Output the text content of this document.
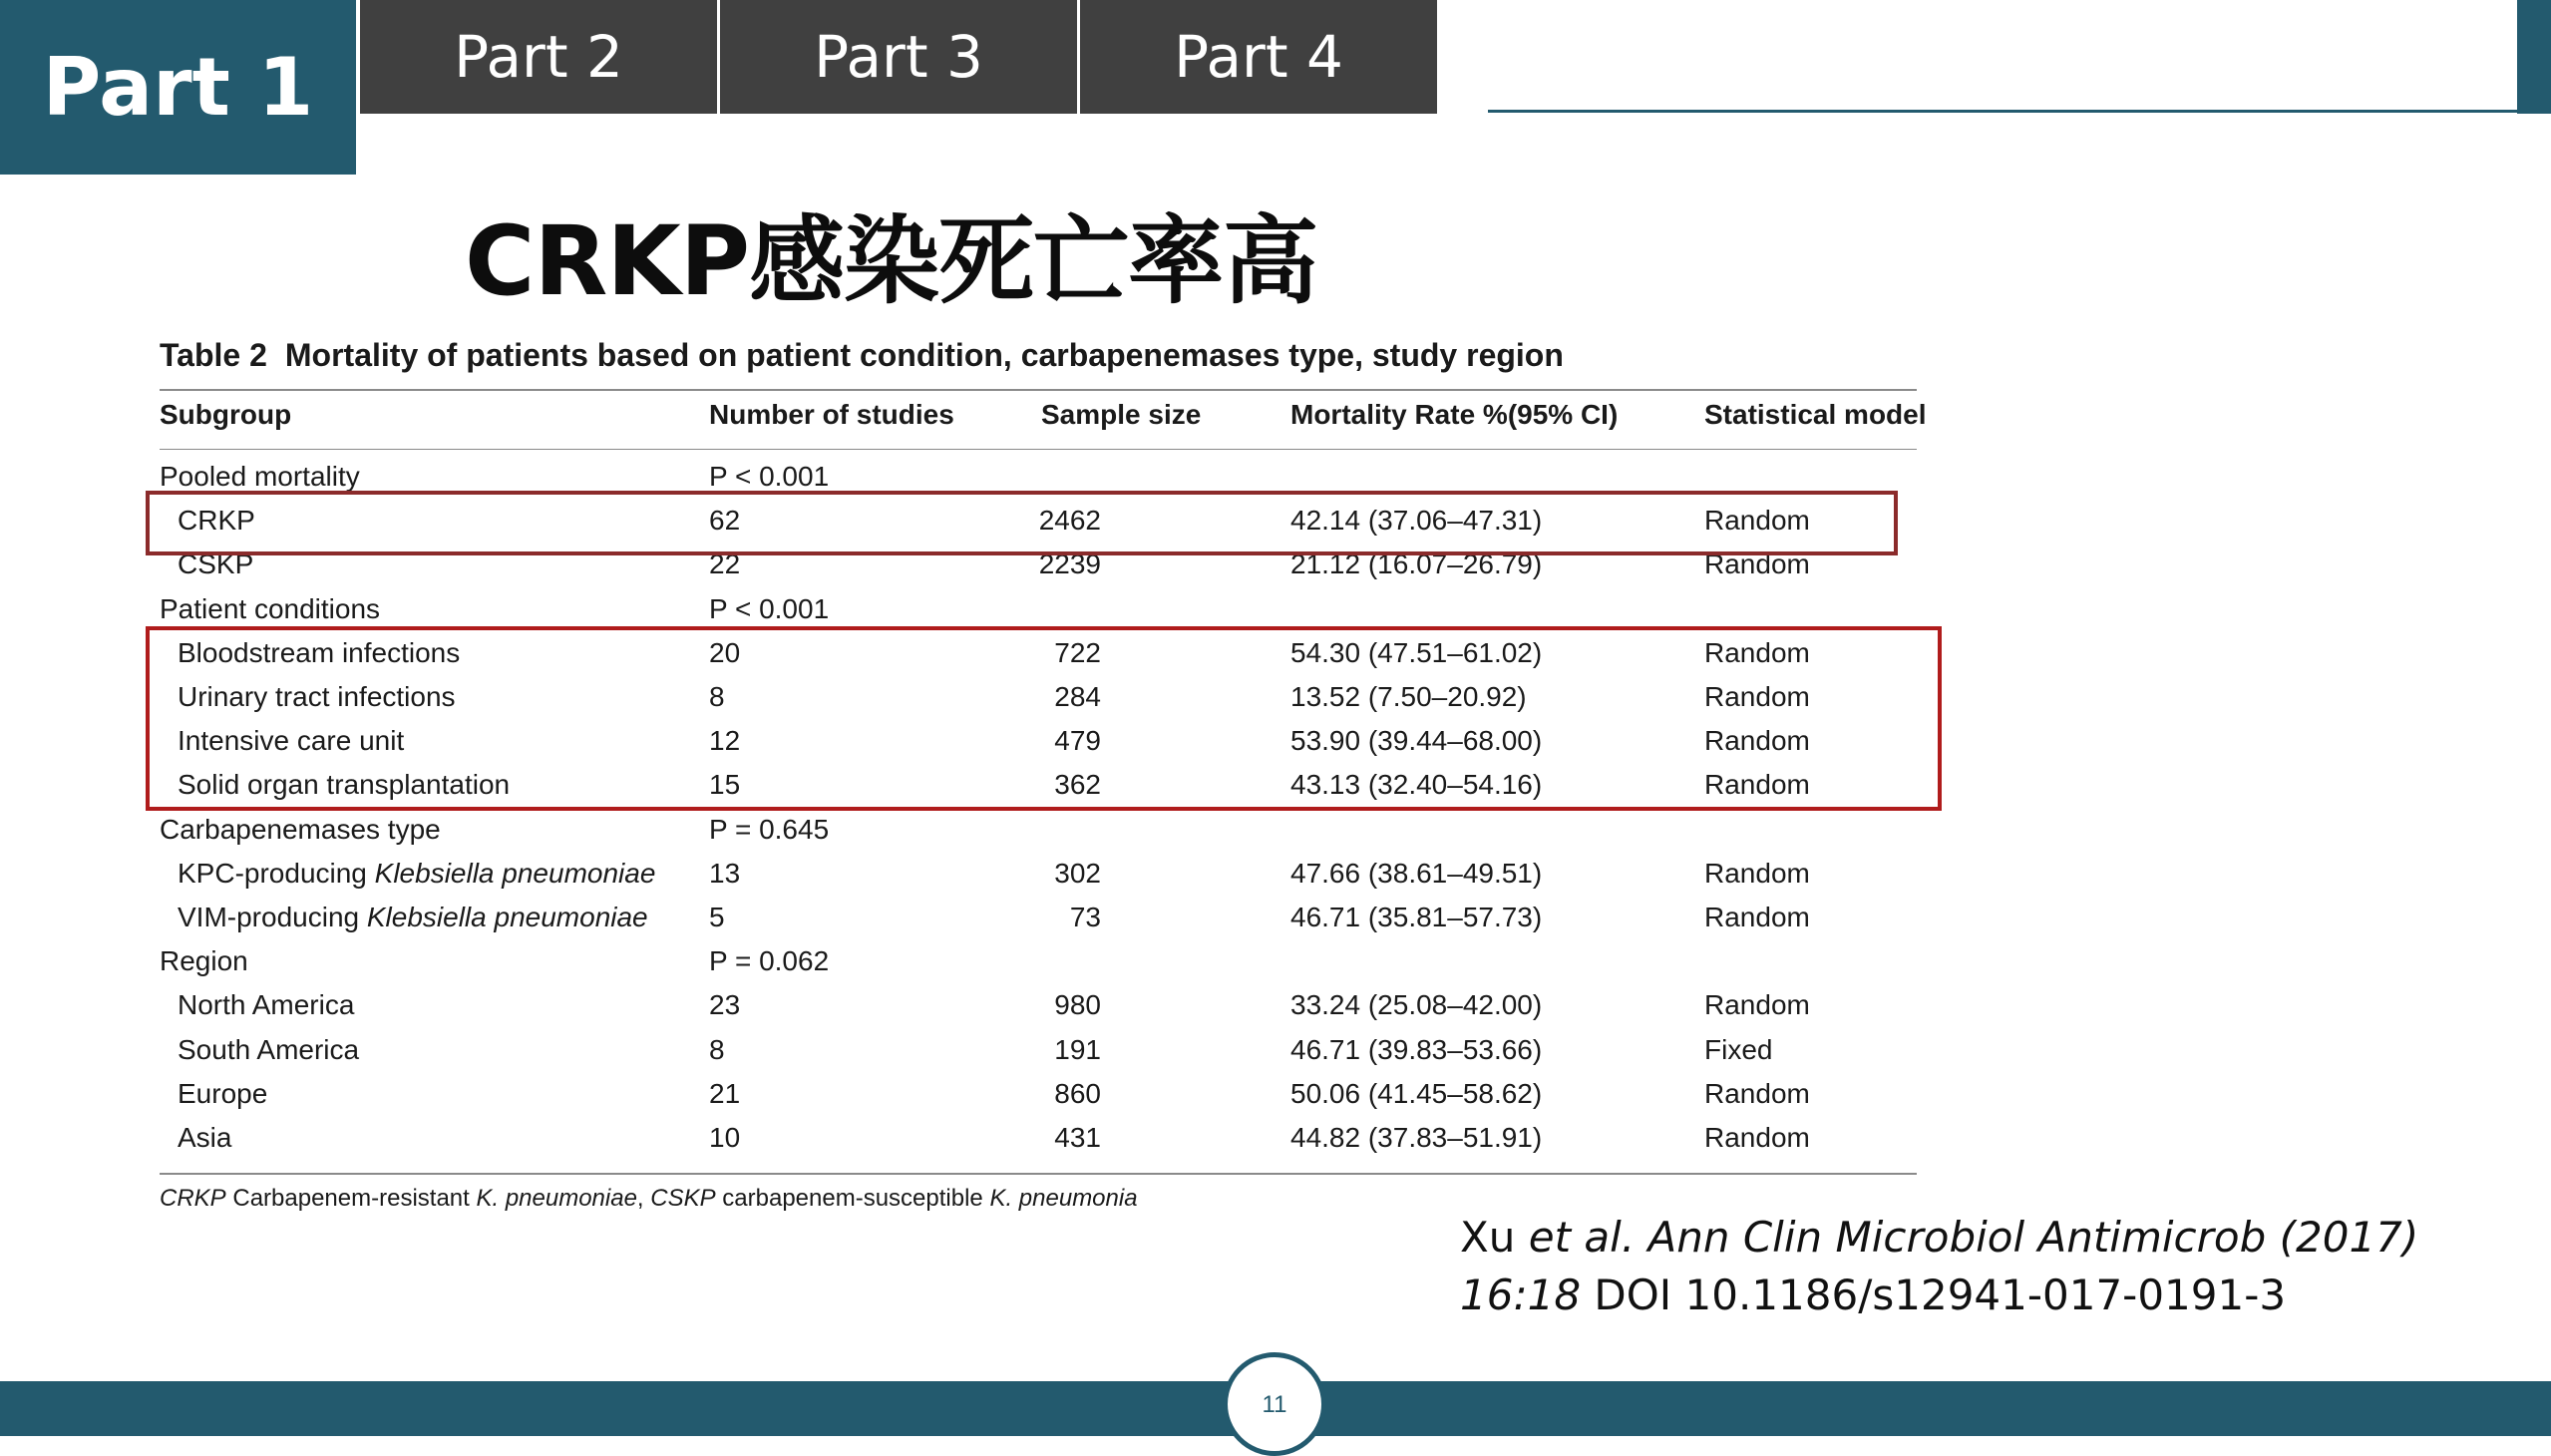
Part 1	Part 2	Part 3	Part 4
CRKP感染死亡率高
Table 2 Mortality of patients based on patient condition, carbapenemases type, study region
Subgroup	Number of studies	Sample size	Mortality Rate %(95% CI)	Statistical model
Pooled mortality	P < 0.001
CRKP	62	2462	42.14 (37.06–47.31)	Random
CSKP	22	2239	21.12 (16.07–26.79)	Random
Patient conditions	P < 0.001
Bloodstream infections	20	722	54.30 (47.51–61.02)	Random
Urinary tract infections	8	284	13.52 (7.50–20.92)	Random
Intensive care unit	12	479	53.90 (39.44–68.00)	Random
Solid organ transplantation	15	362	43.13 (32.40–54.16)	Random
Carbapenemases type	P = 0.645
KPC-producing Klebsiella pneumoniae 13	302	47.66 (38.61–49.51)	Random
VIM-producing Klebsiella pneumoniae 5	73	46.71 (35.81–57.73)	Random
Region	P = 0.062
North America	23	980	33.24 (25.08–42.00)	Random
South America	8	191	46.71 (39.83–53.66)	Fixed
Europe	21	860	50.06 (41.45–58.62)	Random
Asia	10	431	44.82 (37.83–51.91)	Random
CRKP Carbapenem-resistant K. pneumoniae, CSKP carbapenem-susceptible K. pneumonia
Xu et al. Ann Clin Microbiol Antimicrob (2017)
16:18 DOI 10.1186/s12941-017-0191-3
11
